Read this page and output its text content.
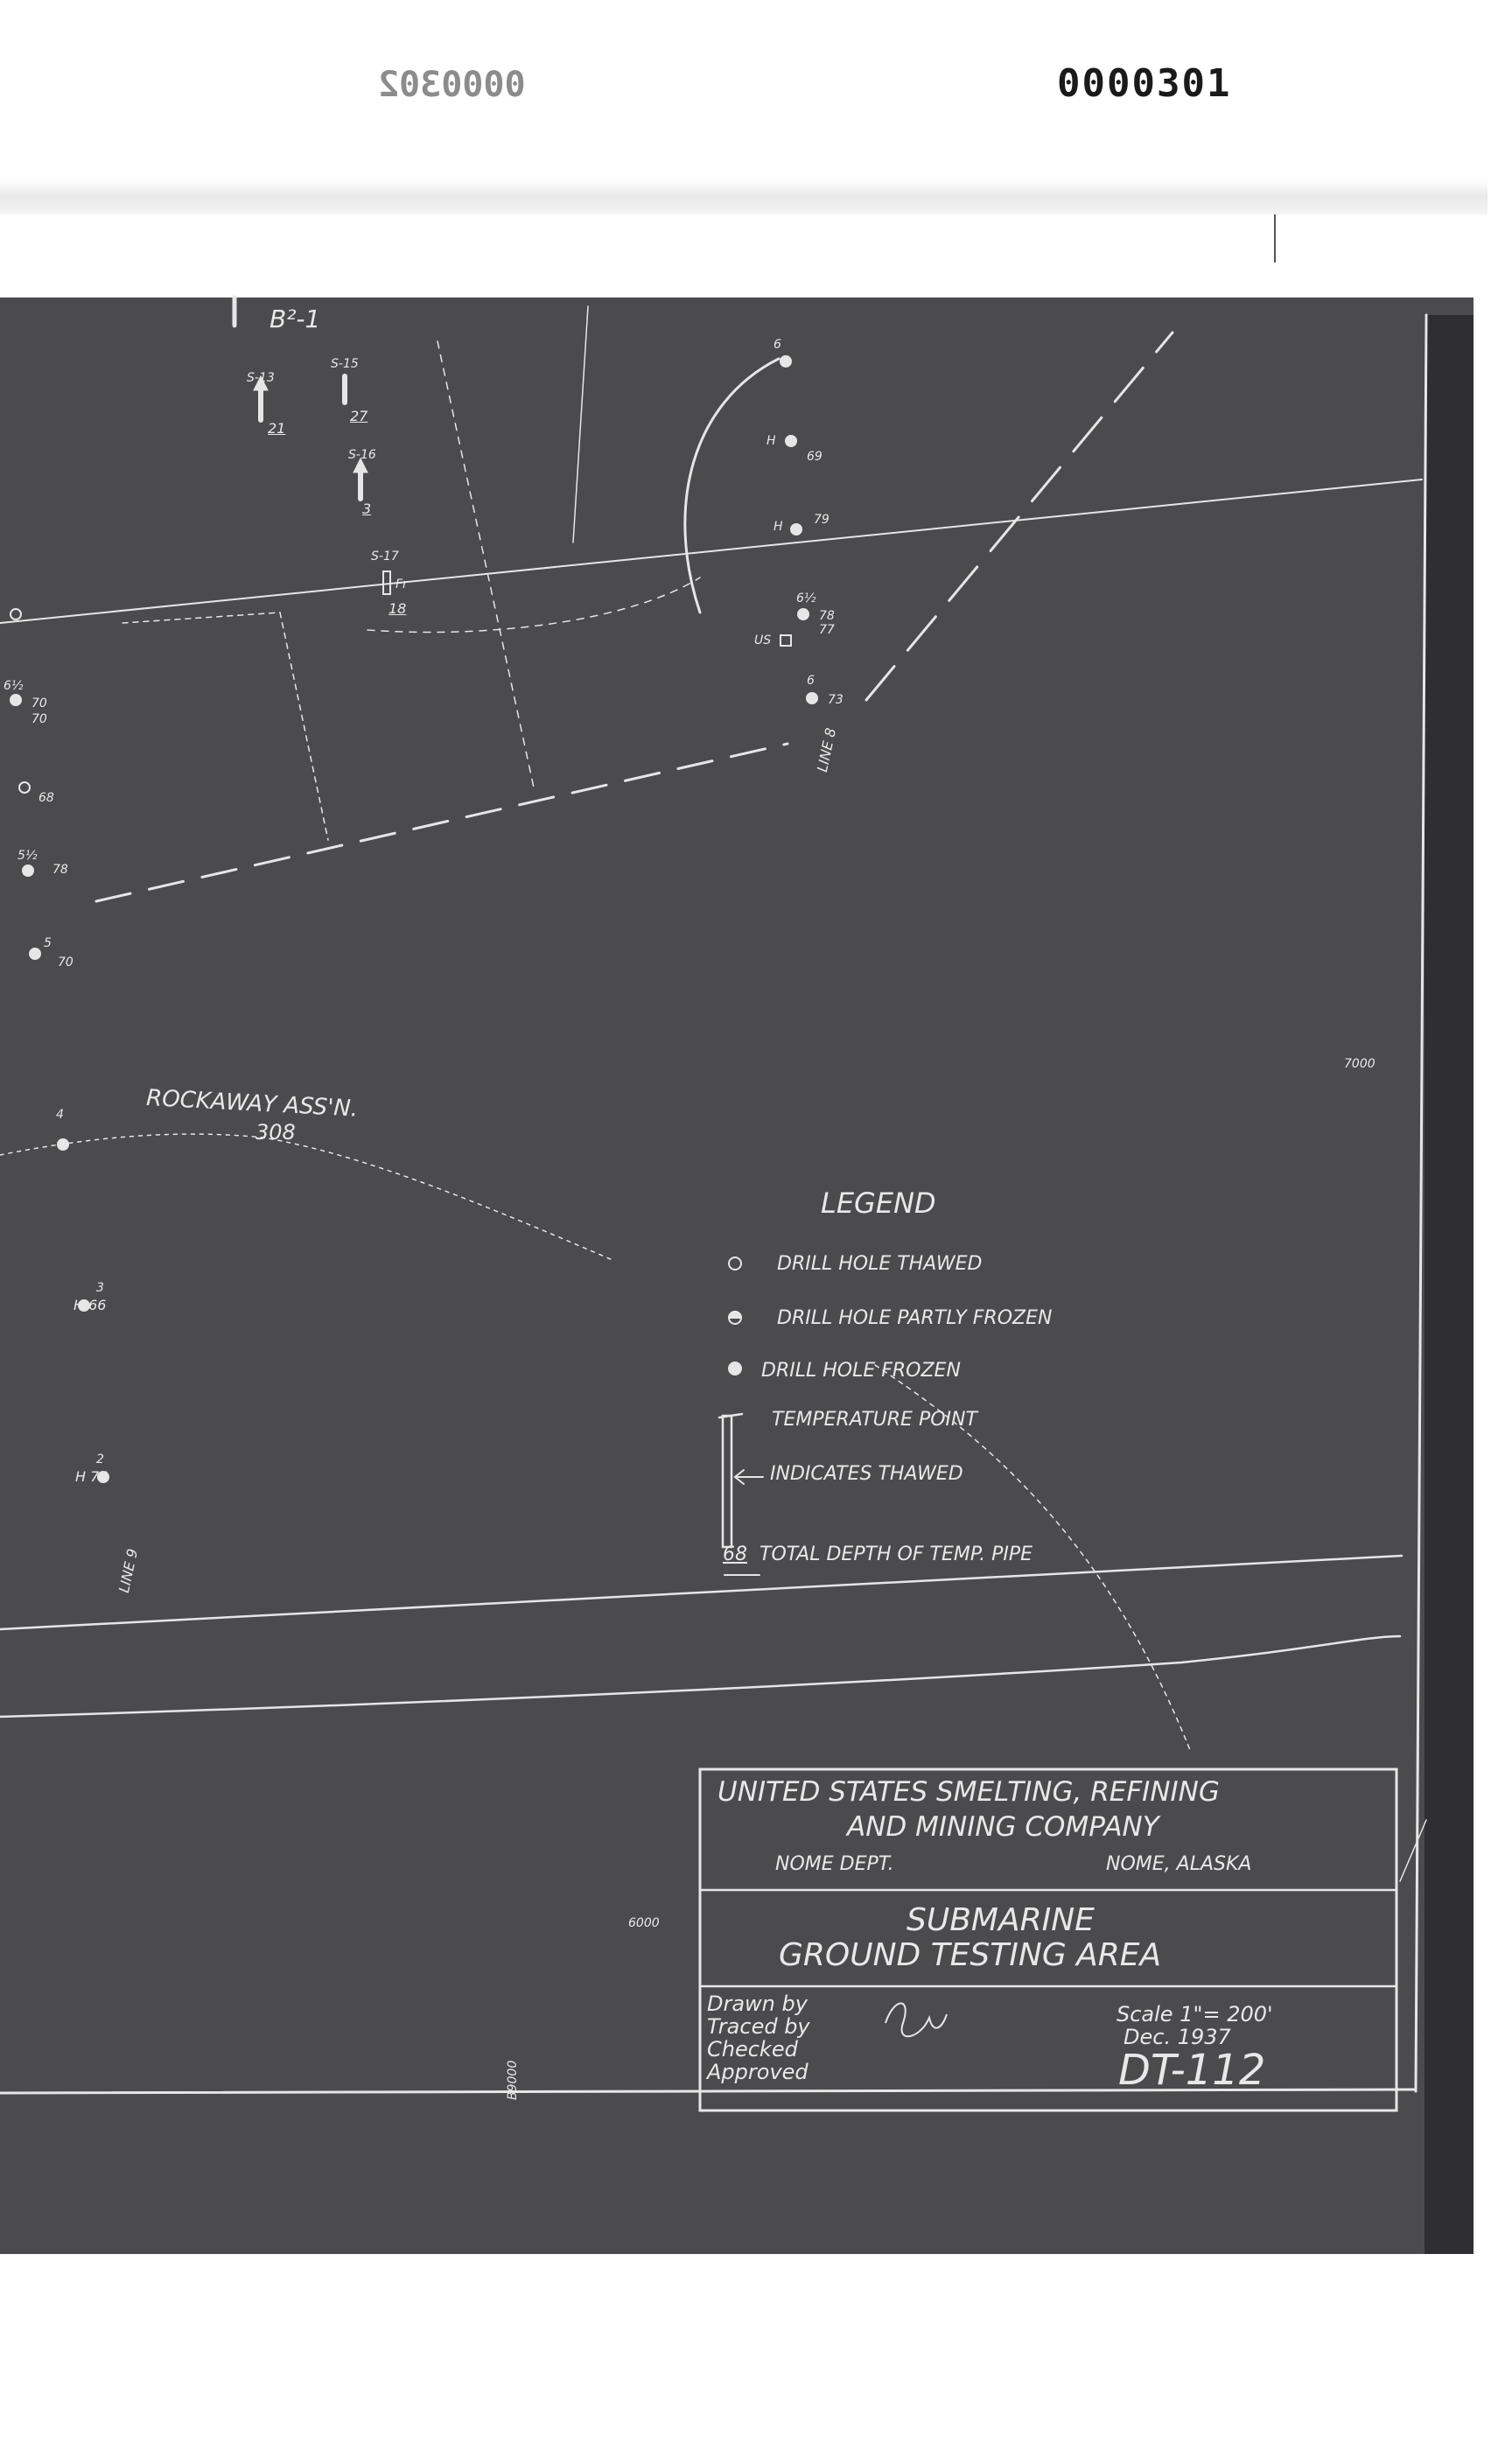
0000302	0000301
B²-1
S-13
21
S-15
27
S-16
3
S-17
Fr
18
6
H
69
H	79
6½
78
77
US
6
73
LINE 8
6½
70
70
68
5½
78
5
70
ROCKAWAY ASS'N.
308
4
7000
6000
B9000
3
H 66
2
H 74
LINE 9
LEGEND
DRILL HOLE THAWED
DRILL HOLE PARTLY FROZEN
DRILL HOLE FROZEN
TEMPERATURE POINT
INDICATES THAWED
68 TOTAL DEPTH OF TEMP. PIPE
UNITED STATES SMELTING, REFINING
AND MINING COMPANY
NOME DEPT.	NOME, ALASKA
SUBMARINE
GROUND TESTING AREA
Drawn by
Traced by
Checked
Approved
Scale 1"= 200'
Dec. 1937
DT-112
